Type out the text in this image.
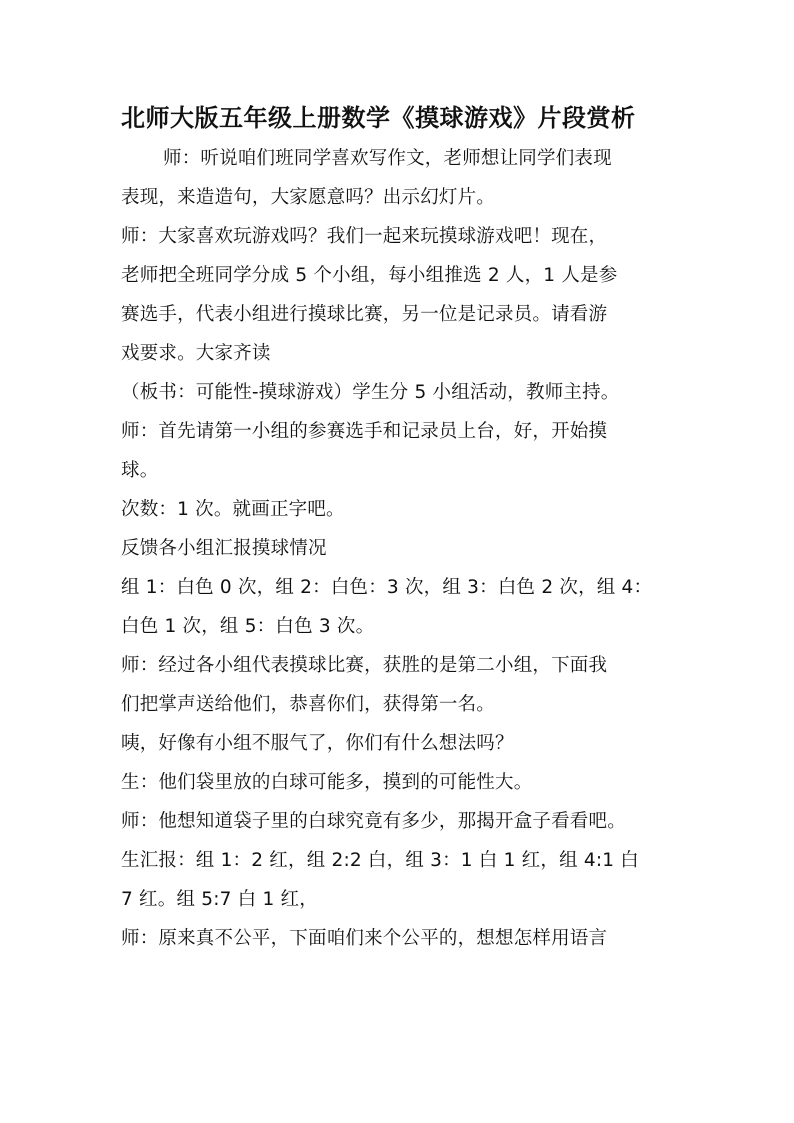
北师大版五年级上册数学《摸球游戏》片段赏析

师：听说咱们班同学喜欢写作文，老师想让同学们表现

表现，来造造句，大家愿意吗？出示幻灯片。

师：大家喜欢玩游戏吗？我们一起来玩摸球游戏吧！现在，

老师把全班同学分成 5 个小组，每小组推选 2 人，1 人是参

赛选手，代表小组进行摸球比赛，另一位是记录员。请看游

戏要求。大家齐读

（板书：可能性-摸球游戏）学生分 5 小组活动，教师主持。

师：首先请第一小组的参赛选手和记录员上台，好，开始摸

球。

次数：1 次。就画正字吧。

反馈各小组汇报摸球情况

组 1：白色 0 次，组 2：白色：3 次，组 3：白色 2 次，组 4：

白色 1 次，组 5：白色 3 次。

师：经过各小组代表摸球比赛，获胜的是第二小组，下面我

们把掌声送给他们，恭喜你们，获得第一名。

咦，好像有小组不服气了，你们有什么想法吗？

生：他们袋里放的白球可能多，摸到的可能性大。

师：他想知道袋子里的白球究竟有多少，那揭开盒子看看吧。

生汇报：组 1：2 红，组 2:2 白，组 3：1 白 1 红，组 4:1 白

7 红。组 5:7 白 1 红，

师：原来真不公平，下面咱们来个公平的，想想怎样用语言
